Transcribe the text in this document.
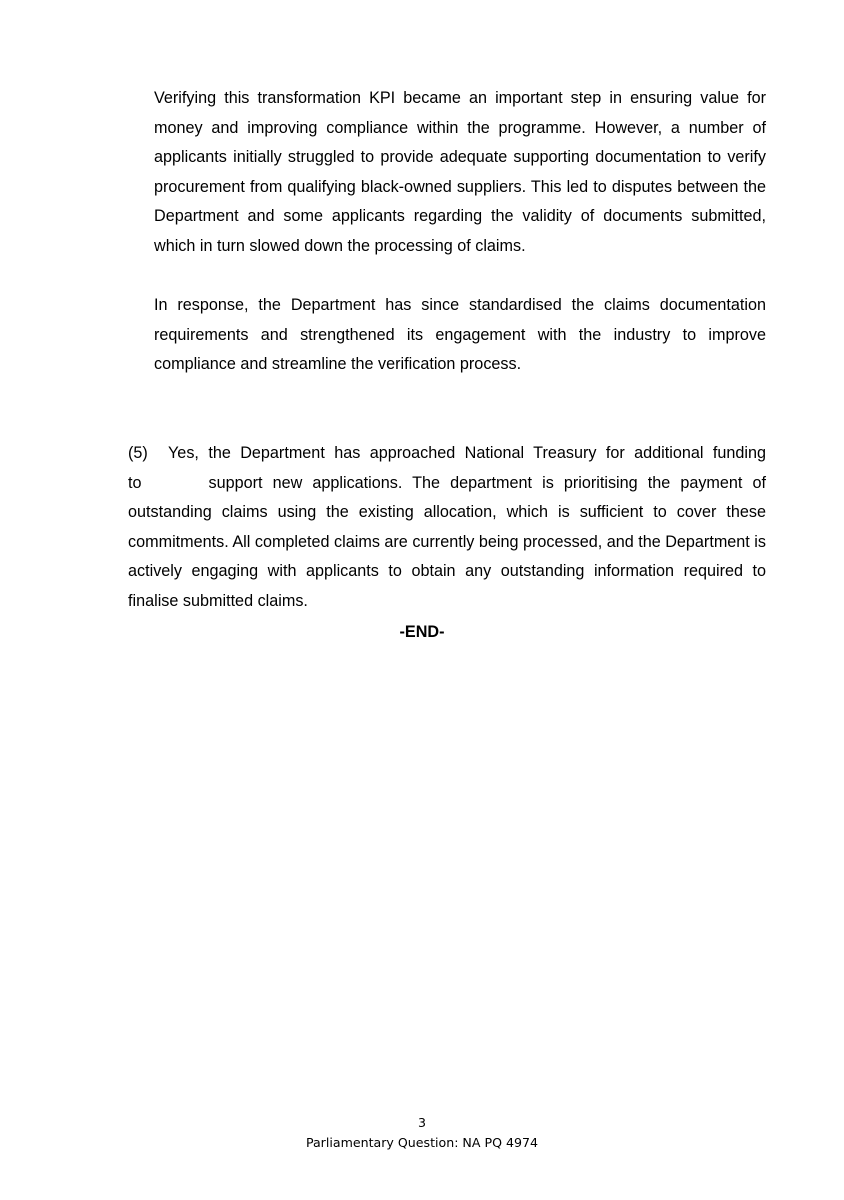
Verifying this transformation KPI became an important step in ensuring value for money and improving compliance within the programme. However, a number of applicants initially struggled to provide adequate supporting documentation to verify procurement from qualifying black-owned suppliers. This led to disputes between the Department and some applicants regarding the validity of documents submitted, which in turn slowed down the processing of claims.

In response, the Department has since standardised the claims documentation requirements and strengthened its engagement with the industry to improve compliance and streamline the verification process.

(5) Yes, the Department has approached National Treasury for additional funding
to	support new applications. The department is prioritising the payment of outstanding claims using the existing allocation, which is sufficient to cover these commitments. All completed claims are currently being processed, and the Department is actively engaging with applicants to obtain any outstanding information required to finalise submitted claims.
-END-
3
Parliamentary Question: NA PQ 4974
